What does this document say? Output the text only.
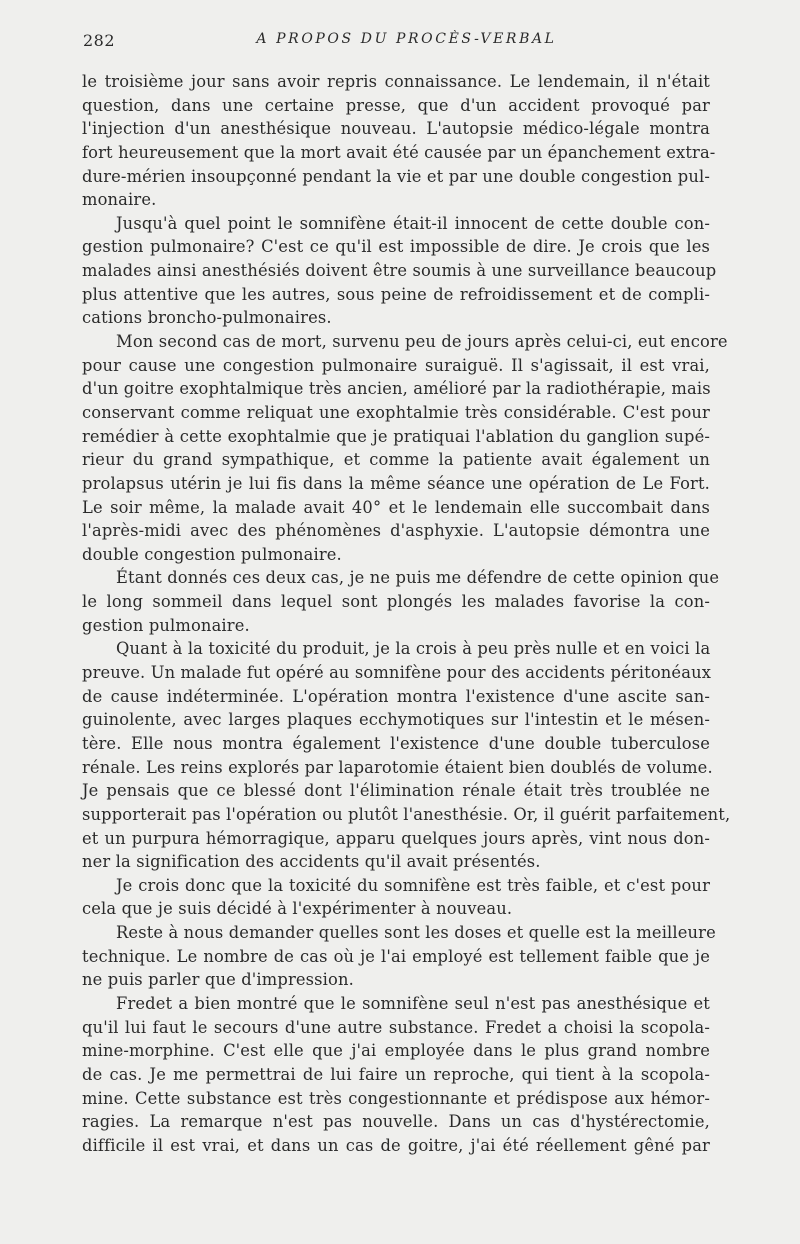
282	A PROPOS DU PROCÈS-VERBAL
le troisième jour sans avoir repris connaissance. Le lendemain, il n'était
question, dans une certaine presse, que d'un accident provoqué par
l'injection d'un anesthésique nouveau. L'autopsie médico-légale montra
fort heureusement que la mort avait été causée par un épanchement extra-
dure-mérien insoupçonné pendant la vie et par une double congestion pul-
monaire.
Jusqu'à quel point le somnifène était-il innocent de cette double con-
gestion pulmonaire? C'est ce qu'il est impossible de dire. Je crois que les
malades ainsi anesthésiés doivent être soumis à une surveillance beaucoup
plus attentive que les autres, sous peine de refroidissement et de compli-
cations broncho-pulmonaires.
Mon second cas de mort, survenu peu de jours après celui-ci, eut encore
pour cause une congestion pulmonaire suraiguë. Il s'agissait, il est vrai,
d'un goitre exophtalmique très ancien, amélioré par la radiothérapie, mais
conservant comme reliquat une exophtalmie très considérable. C'est pour
remédier à cette exophtalmie que je pratiquai l'ablation du ganglion supé-
rieur du grand sympathique, et comme la patiente avait également un
prolapsus utérin je lui fis dans la même séance une opération de Le Fort.
Le soir même, la malade avait 40° et le lendemain elle succombait dans
l'après-midi avec des phénomènes d'asphyxie. L'autopsie démontra une
double congestion pulmonaire.
Étant donnés ces deux cas, je ne puis me défendre de cette opinion que
le long sommeil dans lequel sont plongés les malades favorise la con-
gestion pulmonaire.
Quant à la toxicité du produit, je la crois à peu près nulle et en voici la
preuve. Un malade fut opéré au somnifène pour des accidents péritonéaux
de cause indéterminée. L'opération montra l'existence d'une ascite san-
guinolente, avec larges plaques ecchymotiques sur l'intestin et le mésen-
tère. Elle nous montra également l'existence d'une double tuberculose
rénale. Les reins explorés par laparotomie étaient bien doublés de volume.
Je pensais que ce blessé dont l'élimination rénale était très troublée ne
supporterait pas l'opération ou plutôt l'anesthésie. Or, il guérit parfaitement,
et un purpura hémorragique, apparu quelques jours après, vint nous don-
ner la signification des accidents qu'il avait présentés.
Je crois donc que la toxicité du somnifène est très faible, et c'est pour
cela que je suis décidé à l'expérimenter à nouveau.
Reste à nous demander quelles sont les doses et quelle est la meilleure
technique. Le nombre de cas où je l'ai employé est tellement faible que je
ne puis parler que d'impression.
Fredet a bien montré que le somnifène seul n'est pas anesthésique et
qu'il lui faut le secours d'une autre substance. Fredet a choisi la scopola-
mine-morphine. C'est elle que j'ai employée dans le plus grand nombre
de cas. Je me permettrai de lui faire un reproche, qui tient à la scopola-
mine. Cette substance est très congestionnante et prédispose aux hémor-
ragies. La remarque n'est pas nouvelle. Dans un cas d'hystérectomie,
difficile il est vrai, et dans un cas de goitre, j'ai été réellement gêné par
